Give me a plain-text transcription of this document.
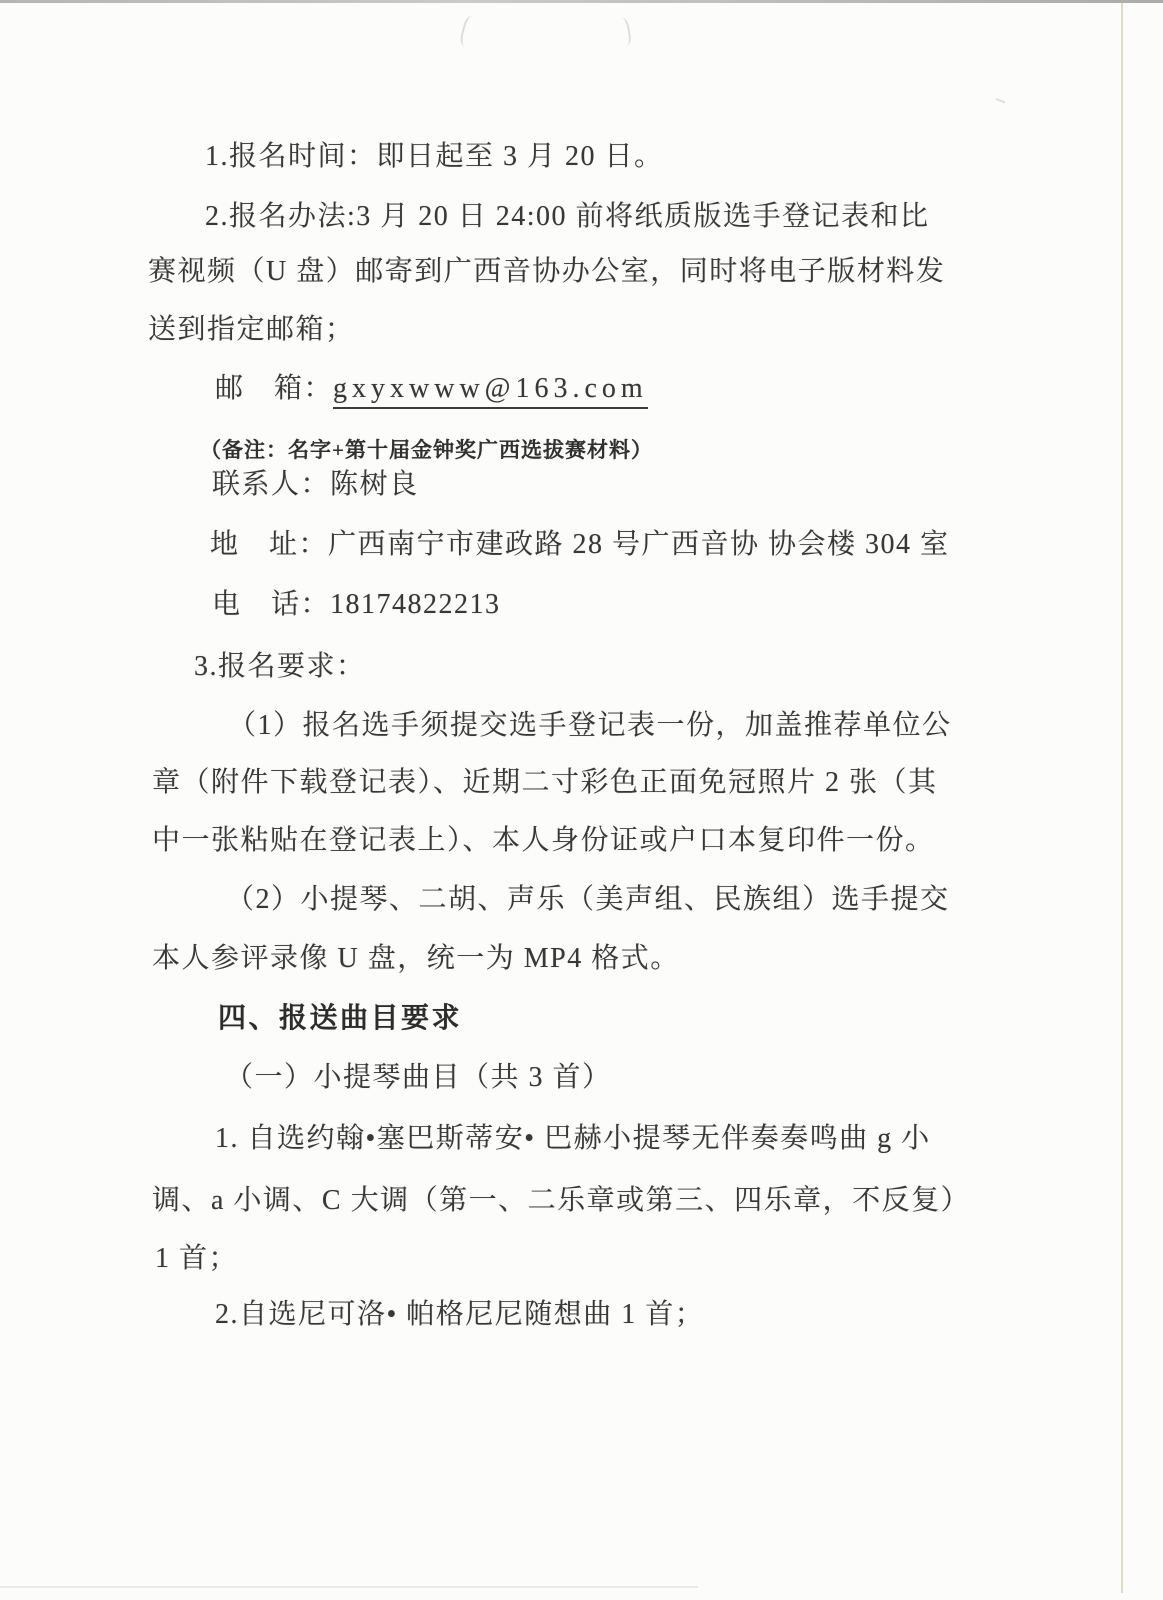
1.报名时间：即日起至 3 月 20 日。
2.报名办法:3 月 20 日 24:00 前将纸质版选手登记表和比
赛视频（U 盘）邮寄到广西音协办公室，同时将电子版材料发
送到指定邮箱；
邮　箱：gxyxwww@163.com
（备注：名字+第十届金钟奖广西选拔赛材料）
联系人：陈树良
地　址：广西南宁市建政路 28 号广西音协 协会楼 304 室
电　话：18174822213
3.报名要求：
（1）报名选手须提交选手登记表一份，加盖推荐单位公
章（附件下载登记表）、近期二寸彩色正面免冠照片 2 张（其
中一张粘贴在登记表上）、本人身份证或户口本复印件一份。
（2）小提琴、二胡、声乐（美声组、民族组）选手提交
本人参评录像 U 盘，统一为 MP4 格式。
四、报送曲目要求
（一）小提琴曲目（共 3 首）
1. 自选约翰•塞巴斯蒂安• 巴赫小提琴无伴奏奏鸣曲 g 小
调、a 小调、C 大调（第一、二乐章或第三、四乐章，不反复）
1 首；
2.自选尼可洛• 帕格尼尼随想曲 1 首；
